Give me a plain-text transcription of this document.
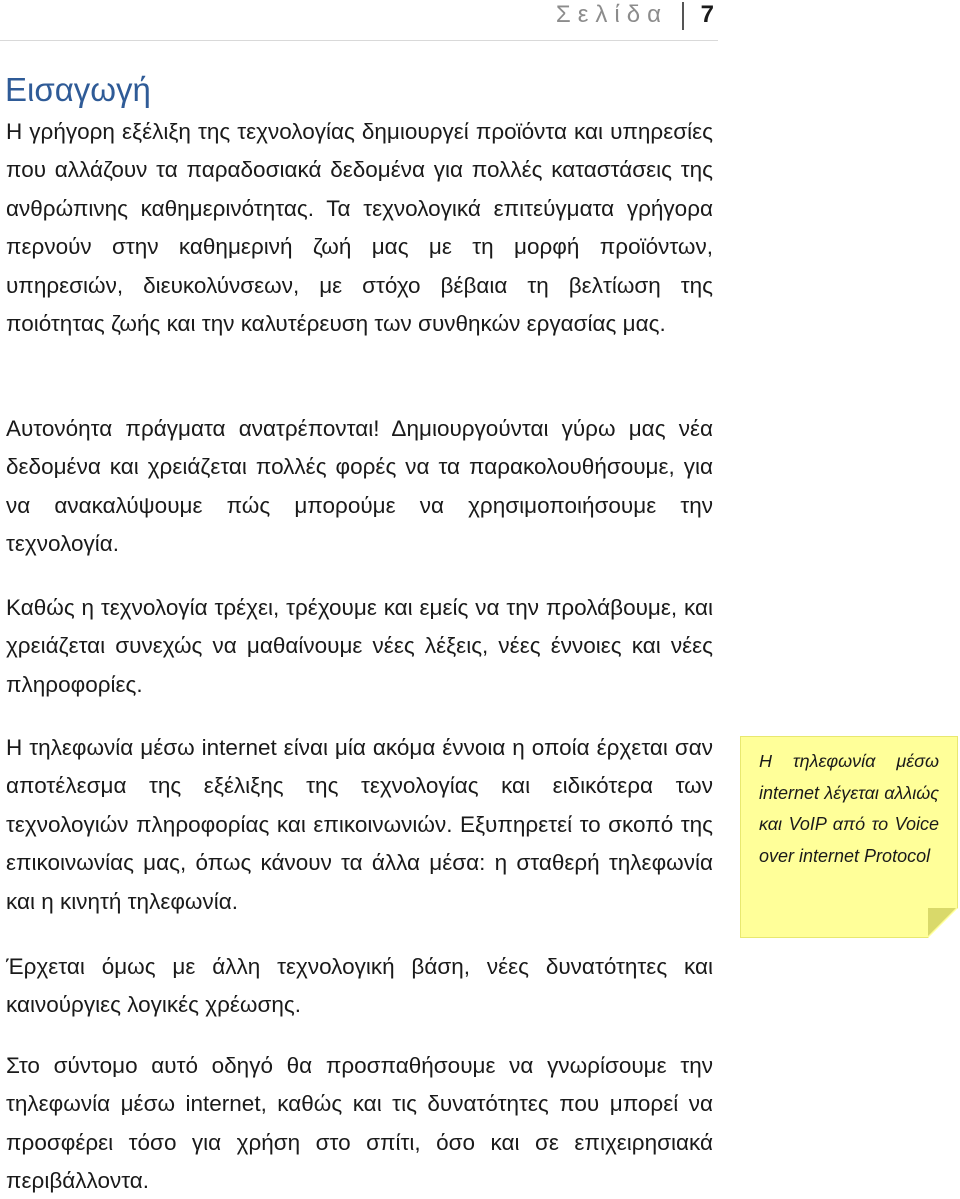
Σελίδα 7
Εισαγωγή

Η γρήγορη εξέλιξη της τεχνολογίας δημιουργεί προϊόντα και υπηρεσίες που αλλάζουν τα παραδοσιακά δεδομένα για πολλές καταστάσεις της ανθρώπινης καθημερινότητας. Τα τεχνολογικά επιτεύγματα γρήγορα περνούν στην καθημερινή ζωή μας με τη μορφή προϊόντων, υπηρεσιών, διευκολύνσεων, με στόχο βέβαια τη βελτίωση της ποιότητας ζωής και την καλυτέρευση των συνθηκών εργασίας μας.

Αυτονόητα πράγματα ανατρέπονται! Δημιουργούνται γύρω μας νέα δεδομένα και χρειάζεται πολλές φορές να τα παρακολουθήσουμε, για να ανακαλύψουμε πώς μπορούμε να χρησιμοποιήσουμε την τεχνολογία.

Καθώς η τεχνολογία τρέχει, τρέχουμε και εμείς να την προλάβουμε, και χρειάζεται συνεχώς να μαθαίνουμε νέες λέξεις, νέες έννοιες και νέες πληροφορίες.

Η τηλεφωνία μέσω internet είναι μία ακόμα έννοια η οποία έρχεται σαν αποτέλεσμα της εξέλιξης της τεχνολογίας και ειδικότερα των τεχνολογιών πληροφορίας και επικοινωνιών. Εξυπηρετεί το σκοπό της επικοινωνίας μας, όπως κάνουν τα άλλα μέσα: η σταθερή τηλεφωνία και η κινητή τηλεφωνία.

Έρχεται όμως με άλλη τεχνολογική βάση, νέες δυνατότητες και καινούργιες λογικές χρέωσης.

Στο σύντομο αυτό οδηγό θα προσπαθήσουμε να γνωρίσουμε την τηλεφωνία μέσω internet, καθώς και τις δυνατότητες που μπορεί να προσφέρει τόσο για χρήση στο σπίτι, όσο και σε επιχειρησιακά περιβάλλοντα.

Η τηλεφωνία μέσω internet λέγεται αλλιώς και VoIP από το Voice over internet Protocol
